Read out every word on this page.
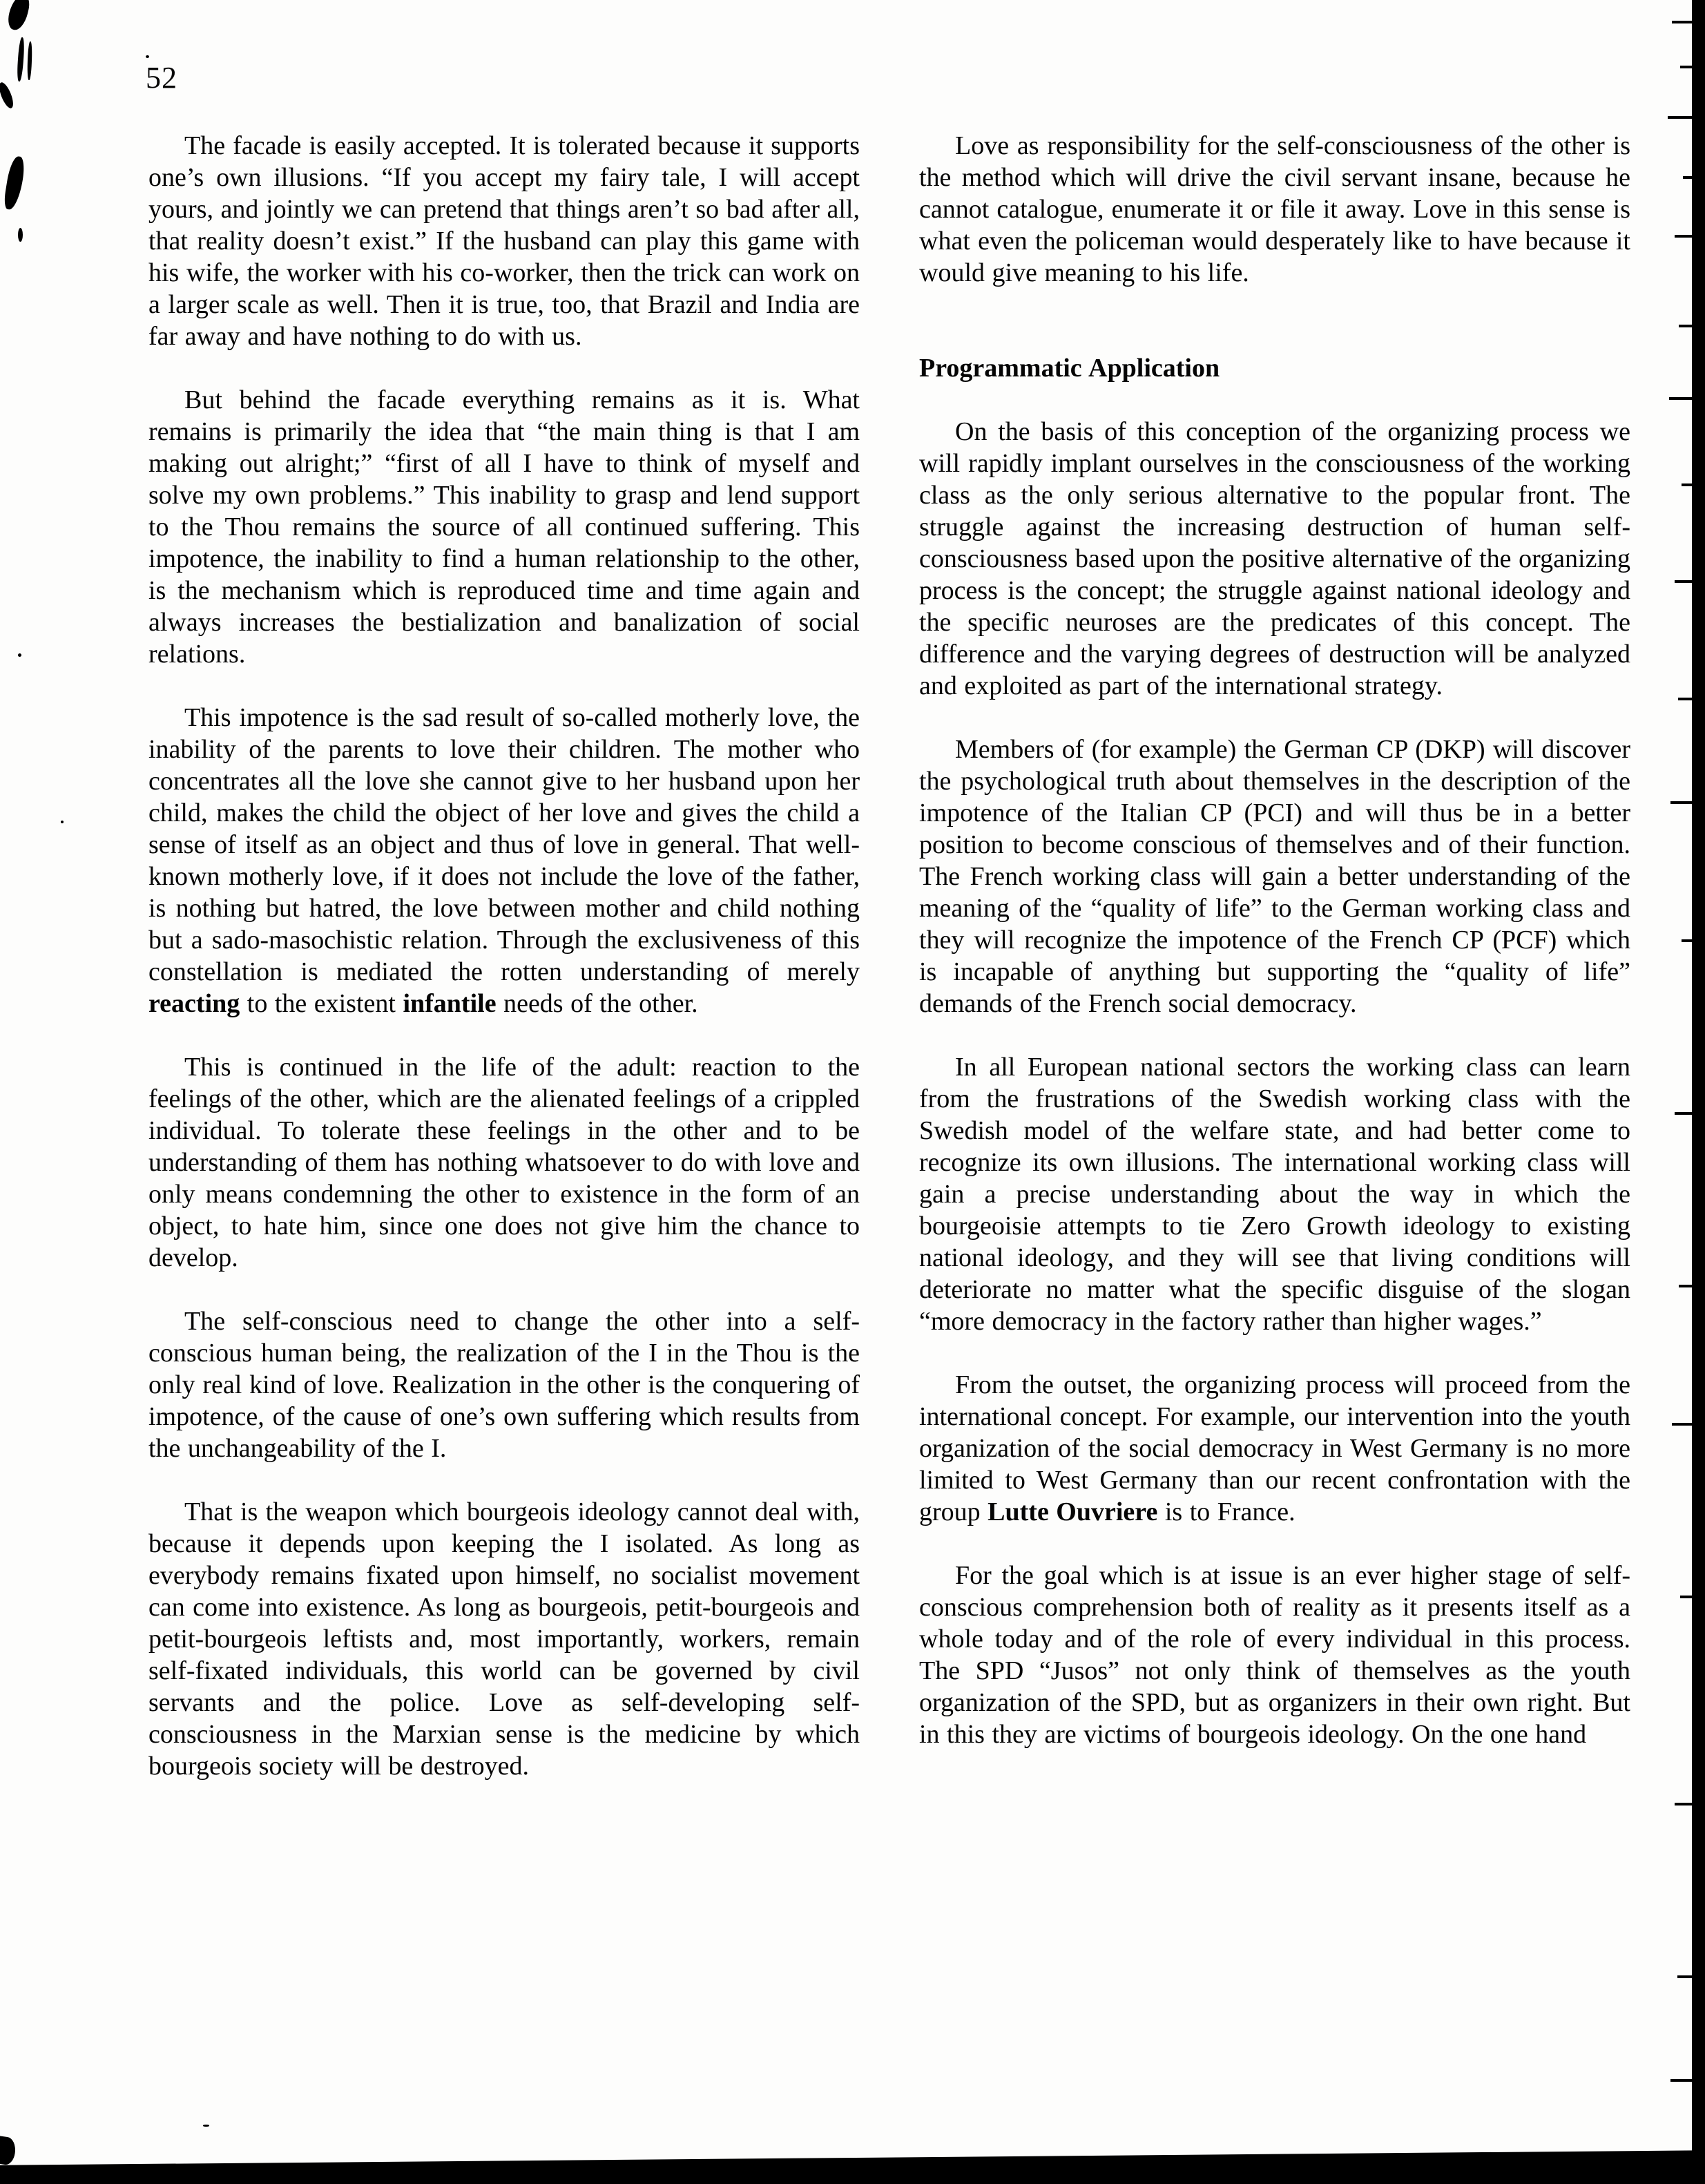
52

The facade is easily accepted. It is tolerated because it supports one’s own illusions. “If you accept my fairy tale, I will accept yours, and jointly we can pretend that things aren’t so bad after all, that reality doesn’t exist.” If the husband can play this game with his wife, the worker with his co-worker, then the trick can work on a larger scale as well. Then it is true, too, that Brazil and India are far away and have nothing to do with us.

But behind the facade everything remains as it is. What remains is primarily the idea that “the main thing is that I am making out alright;” “first of all I have to think of myself and solve my own problems.” This inability to grasp and lend support to the Thou remains the source of all continued suffering. This impotence, the inability to find a human relationship to the other, is the mechanism which is reproduced time and time again and always increases the bestialization and banalization of social relations.

This impotence is the sad result of so-called motherly love, the inability of the parents to love their children. The mother who concentrates all the love she cannot give to her husband upon her child, makes the child the object of her love and gives the child a sense of itself as an object and thus of love in general. That well-known motherly love, if it does not include the love of the father, is nothing but hatred, the love between mother and child nothing but a sado-masochistic relation. Through the exclusiveness of this constellation is mediated the rotten understanding of merely reacting to the existent infantile needs of the other.

This is continued in the life of the adult: reaction to the feelings of the other, which are the alienated feelings of a crippled individual. To tolerate these feelings in the other and to be understanding of them has nothing whatsoever to do with love and only means condemning the other to existence in the form of an object, to hate him, since one does not give him the chance to develop.

The self-conscious need to change the other into a self-conscious human being, the realization of the I in the Thou is the only real kind of love. Realization in the other is the conquering of impotence, of the cause of one’s own suffering which results from the unchangeability of the I.

That is the weapon which bourgeois ideology cannot deal with, because it depends upon keeping the I isolated. As long as everybody remains fixated upon himself, no socialist movement can come into existence. As long as bourgeois, petit-bourgeois and petit-bourgeois leftists and, most importantly, workers, remain self-fixated individuals, this world can be governed by civil servants and the police. Love as self-developing self-consciousness in the Marxian sense is the medicine by which bourgeois society will be destroyed.

Love as responsibility for the self-consciousness of the other is the method which will drive the civil servant insane, because he cannot catalogue, enumerate it or file it away. Love in this sense is what even the policeman would desperately like to have because it would give meaning to his life.

Programmatic Application

On the basis of this conception of the organizing process we will rapidly implant ourselves in the consciousness of the working class as the only serious alternative to the popular front. The struggle against the increasing destruction of human self-consciousness based upon the positive alternative of the organizing process is the concept; the struggle against national ideology and the specific neuroses are the predicates of this concept. The difference and the varying degrees of destruction will be analyzed and exploited as part of the international strategy.

Members of (for example) the German CP (DKP) will discover the psychological truth about themselves in the description of the impotence of the Italian CP (PCI) and will thus be in a better position to become conscious of themselves and of their function. The French working class will gain a better understanding of the meaning of the “quality of life” to the German working class and they will recognize the impotence of the French CP (PCF) which is incapable of anything but supporting the “quality of life” demands of the French social democracy.

In all European national sectors the working class can learn from the frustrations of the Swedish working class with the Swedish model of the welfare state, and had better come to recognize its own illusions. The international working class will gain a precise understanding about the way in which the bourgeoisie attempts to tie Zero Growth ideology to existing national ideology, and they will see that living conditions will deteriorate no matter what the specific disguise of the slogan “more democracy in the factory rather than higher wages.”

From the outset, the organizing process will proceed from the international concept. For example, our intervention into the youth organization of the social democracy in West Germany is no more limited to West Germany than our recent confrontation with the group Lutte Ouvriere is to France.

For the goal which is at issue is an ever higher stage of self-conscious comprehension both of reality as it presents itself as a whole today and of the role of every individual in this process. The SPD “Jusos” not only think of themselves as the youth organization of the SPD, but as organizers in their own right. But in this they are victims of bourgeois ideology. On the one hand
